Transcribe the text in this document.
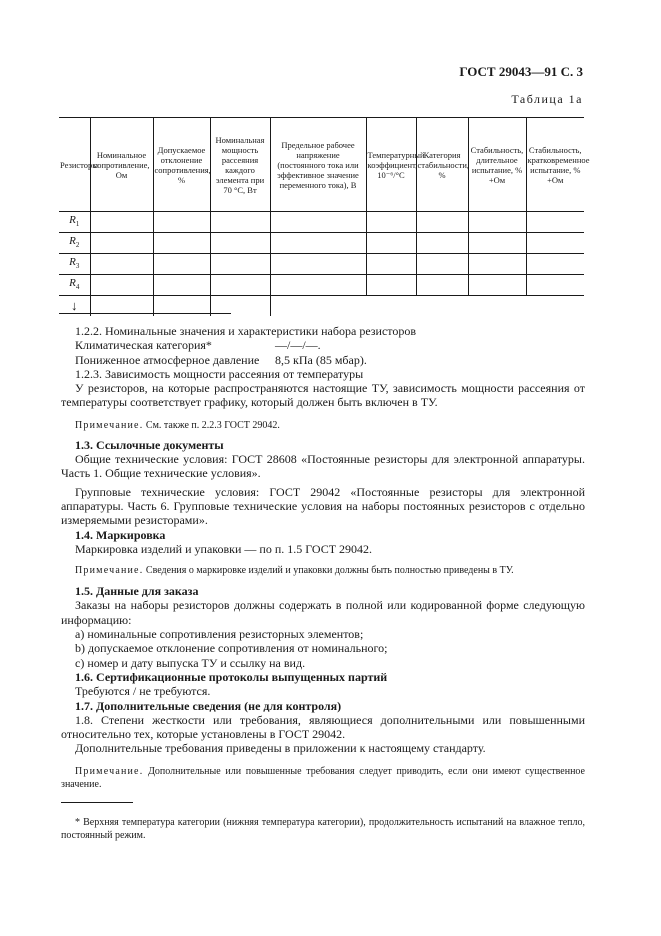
ГОСТ 29043—91 С. 3
Таблица 1а
Резисторы	Номинальное сопротивление, Ом	Допускаемое отклонение сопротивления, %	Номинальная мощность рассеяния каждого элемента при 70 °С, Вт	Предельное рабочее напряжение (постоянного тока или эффективное значение переменного тока), В	Температурный коэффициент, 10⁻⁶/°С	Категория стабильности, %	Стабильность, длительное испытание, % +Ом	Стабильность, кратковременное испытание, % +Ом
$R_1$								
$R_2$								
$R_3$								
$R_4$								
↓								

1.2.2. Номинальные значения и характеристики набора резисторов

Климатическая категория*	—/—/—.

Пониженное атмосферное давление	8,5 кПа (85 мбар).

1.2.3. Зависимость мощности рассеяния от температуры

У резисторов, на которые распространяются настоящие ТУ, зависимость мощности рассеяния от температуры соответствует графику, который должен быть включен в ТУ.

Примечание. См. также п. 2.2.3 ГОСТ 29042.

1.3. Ссылочные документы

Общие технические условия: ГОСТ 28608 «Постоянные резисторы для электронной аппаратуры. Часть 1. Общие технические условия».

Групповые технические условия: ГОСТ 29042 «Постоянные резисторы для электронной аппаратуры. Часть 6. Групповые технические условия на наборы постоянных резисторов с отдельно измеряемыми резисторами».

1.4. Маркировка

Маркировка изделий и упаковки — по п. 1.5 ГОСТ 29042.

Примечание. Сведения о маркировке изделий и упаковки должны быть полностью приведены в ТУ.

1.5. Данные для заказа

Заказы на наборы резисторов должны содержать в полной или кодированной форме следующую информацию:

a) номинальные сопротивления резисторных элементов;

b) допускаемое отклонение сопротивления от номинального;

c) номер и дату выпуска ТУ и ссылку на вид.

1.6. Сертификационные протоколы выпущенных партий

Требуются / не требуются.

1.7. Дополнительные сведения (не для контроля)

1.8. Степени жесткости или требования, являющиеся дополнительными или повышенными относительно тех, которые установлены в ГОСТ 29042.

Дополнительные требования приведены в приложении к настоящему стандарту.

Примечание. Дополнительные или повышенные требования следует приводить, если они имеют существенное значение.

* Верхняя температура категории (нижняя температура категории), продолжительность испытаний на влажное тепло, постоянный режим.
